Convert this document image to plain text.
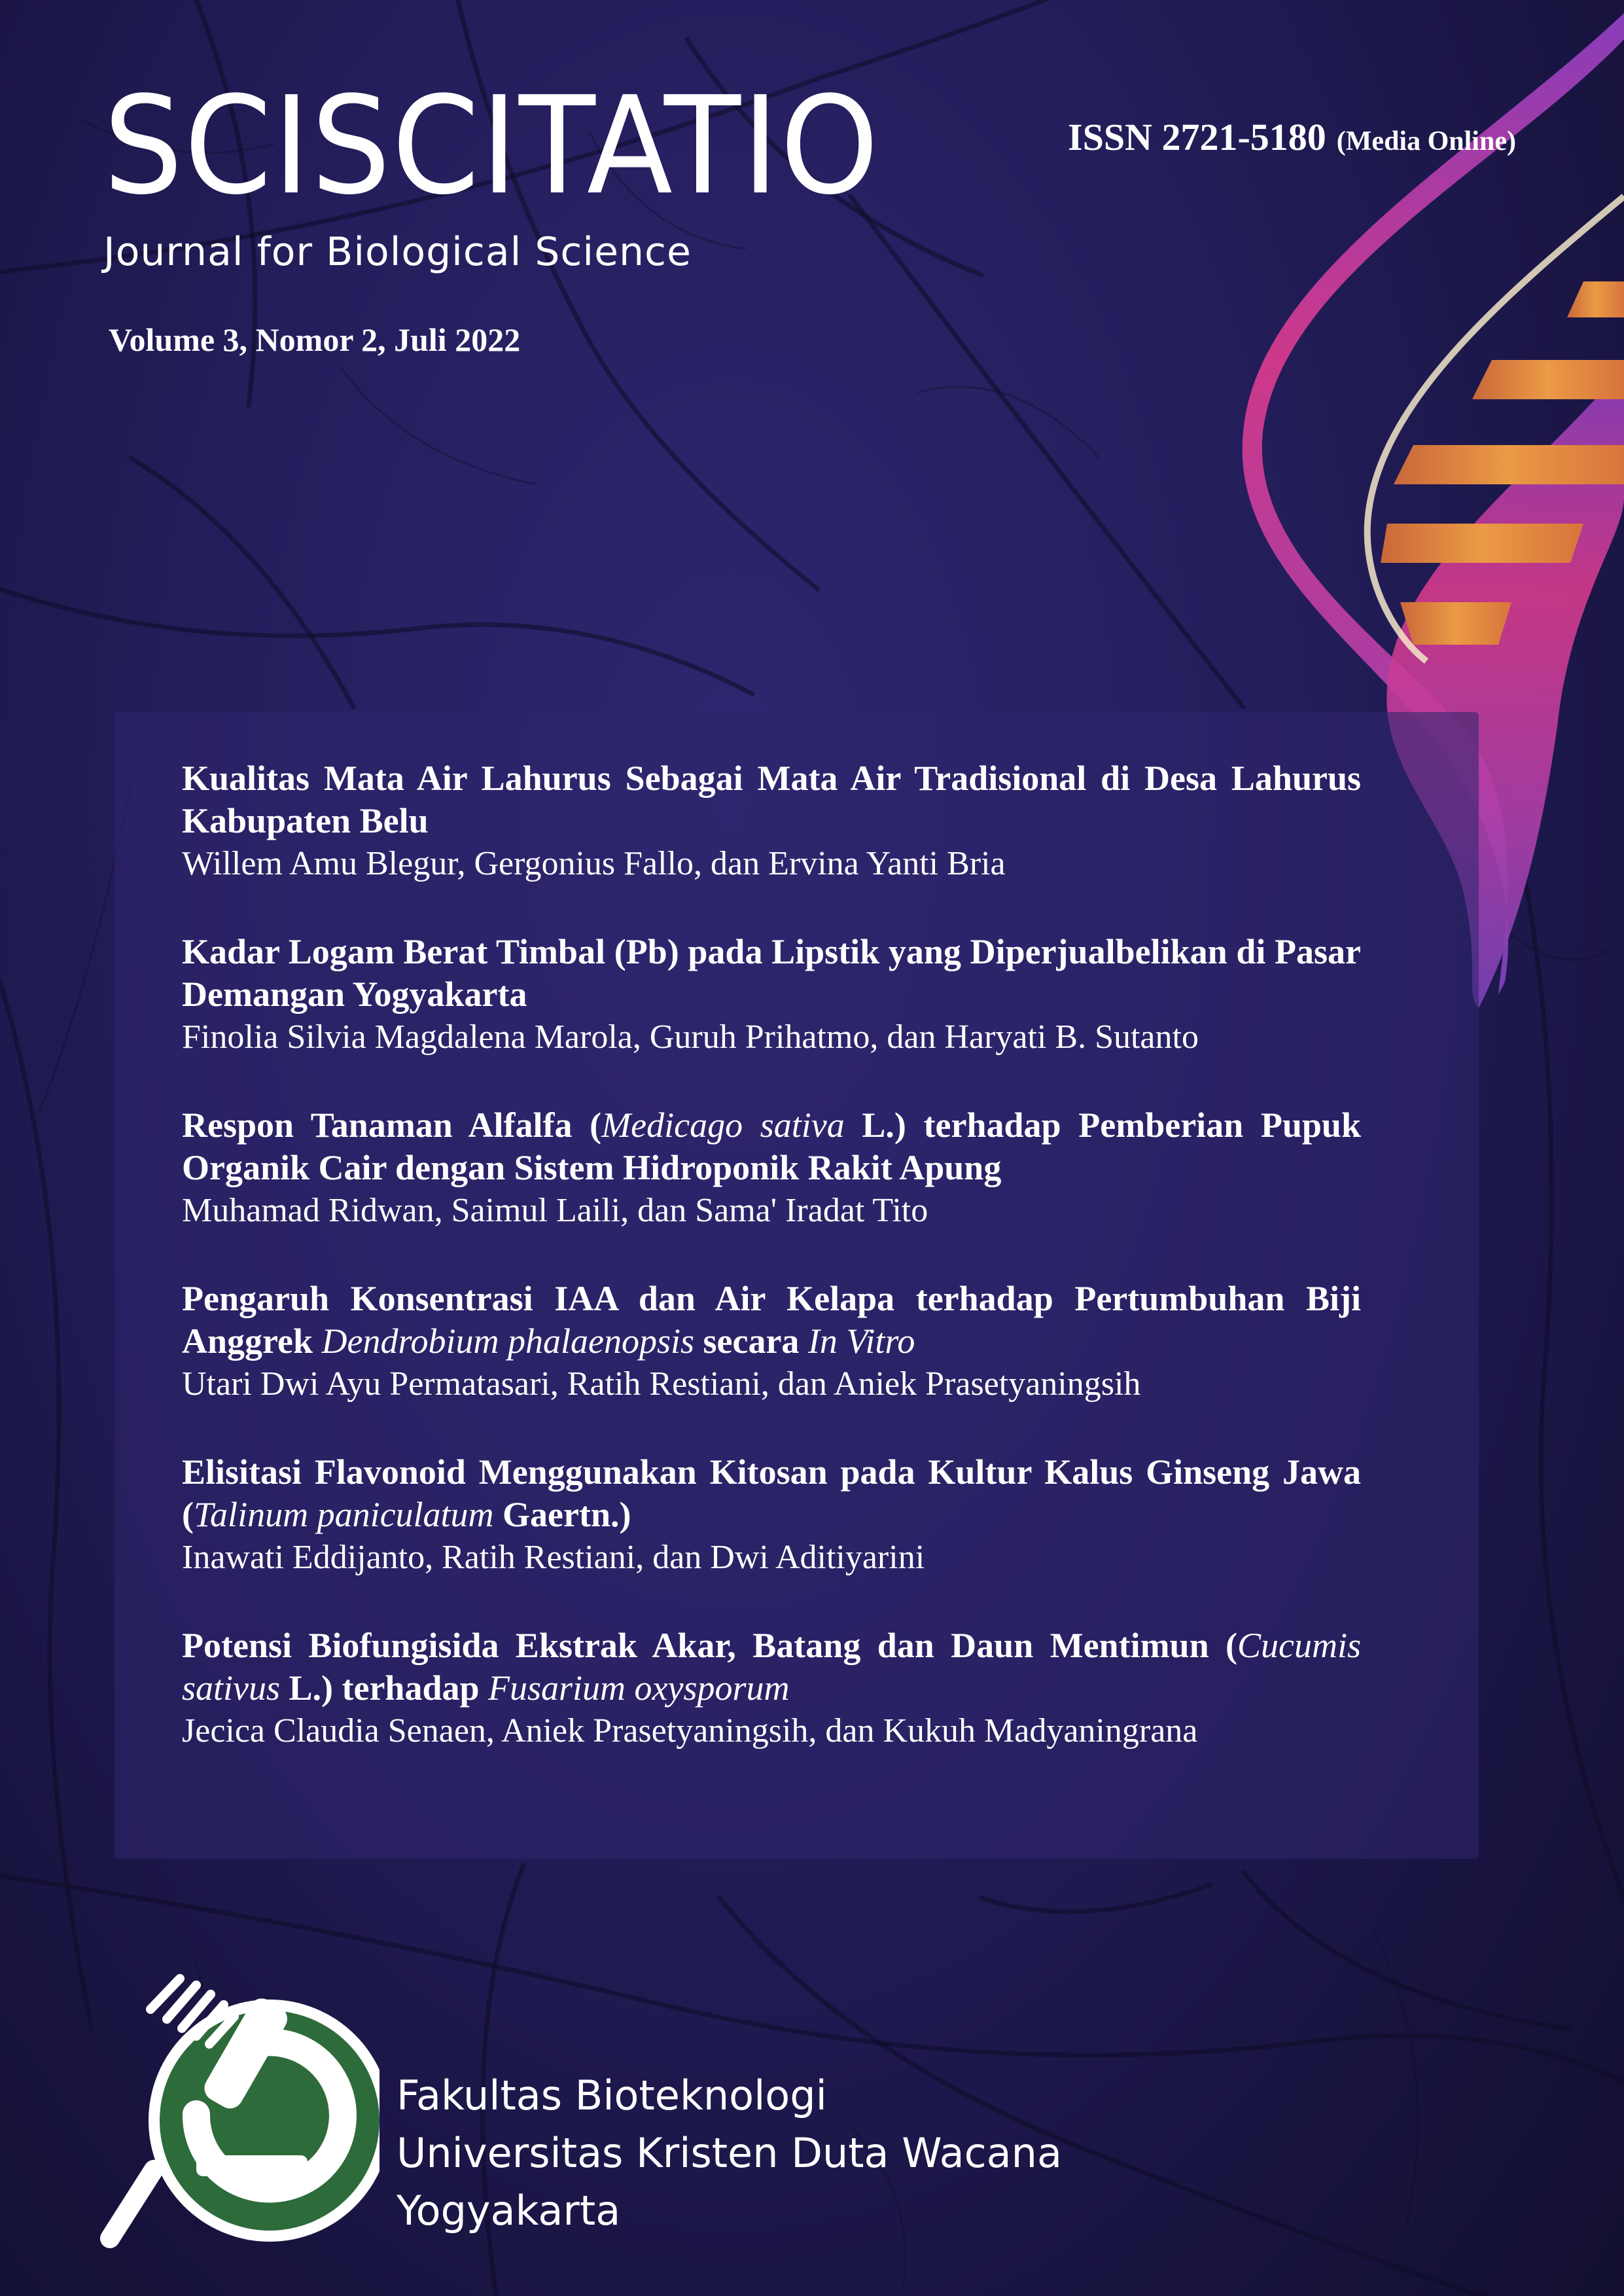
SCISCITATIO
Journal for Biological Science
Volume 3, Nomor 2, Juli 2022
ISSN 2721-5180 (Media Online)
Kualitas Mata Air Lahurus Sebagai Mata Air Tradisional di Desa Lahurus Kabupaten Belu
Willem Amu Blegur, Gergonius Fallo, dan Ervina Yanti Bria
Kadar Logam Berat Timbal (Pb) pada Lipstik yang Diperjualbelikan di Pasar Demangan Yogyakarta
Finolia Silvia Magdalena Marola, Guruh Prihatmo, dan Haryati B. Sutanto
Respon Tanaman Alfalfa (Medicago sativa L.) terhadap Pemberian Pupuk Organik Cair dengan Sistem Hidroponik Rakit Apung
Muhamad Ridwan, Saimul Laili, dan Sama' Iradat Tito
Pengaruh Konsentrasi IAA dan Air Kelapa terhadap Pertumbuhan Biji Anggrek Dendrobium phalaenopsis secara In Vitro
Utari Dwi Ayu Permatasari, Ratih Restiani, dan Aniek Prasetyaningsih
Elisitasi Flavonoid Menggunakan Kitosan pada Kultur Kalus Ginseng Jawa (Talinum paniculatum Gaertn.)
Inawati Eddijanto, Ratih Restiani, dan Dwi Aditiyarini
Potensi Biofungisida Ekstrak Akar, Batang dan Daun Mentimun (Cucumis sativus L.) terhadap Fusarium oxysporum
Jecica Claudia Senaen, Aniek Prasetyaningsih, dan Kukuh Madyaningrana
Fakultas Bioteknologi
Universitas Kristen Duta Wacana
Yogyakarta
